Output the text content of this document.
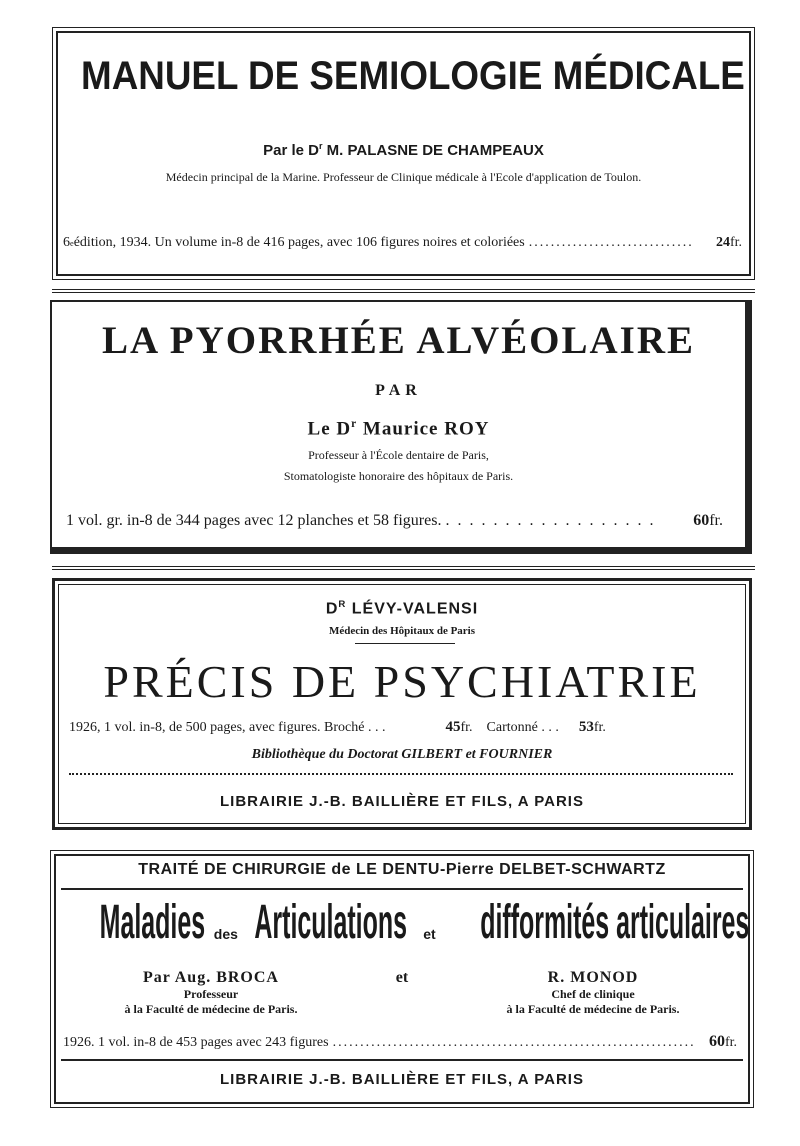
MANUEL DE SEMIOLOGIE MÉDICALE
Par le $D^r$ M. PALASNE DE CHAMPEAUX
Médecin principal de la Marine. Professeur de Clinique médicale à l'Ecole d'application de Toulon.
6 e édition, 1934. Un volume in-8 de 416 pages, avec 106 figures noires et coloriées ..............................	24 fr.
LA PYORRHÉE ALVÉOLAIRE
PAR
Le $D^r$ Maurice ROY
Professeur à l'École dentaire de Paris,
Stomatologiste honoraire des hôpitaux de Paris.
1 vol. gr. in-8 de 344 pages avec 12 planches et 58 figures. . . . . . . . . . . . . . . . . . .	60 fr.
$D^R$ LÉVY-VALENSI
Médecin des Hôpitaux de Paris
PRÉCIS DE PSYCHIATRIE
1926, 1 vol. in-8, de 500 pages, avec figures. Broché . . .	45 fr. Cartonné . . . 53 fr.
Bibliothèque du Doctorat GILBERT et FOURNIER
LIBRAIRIE J.-B. BAILLIÈRE ET FILS, A PARIS
TRAITÉ DE CHIRURGIE de LE DENTU-Pierre DELBET-SCHWARTZ
Maladies des Articulations et difformités articulaires
Par Aug. BROCA
Professeur
à la Faculté de médecine de Paris.
et	R. MONOD
Chef de clinique
à la Faculté de médecine de Paris.
1926. 1 vol. in-8 de 453 pages avec 243 figures .................................................................. 60 fr.
LIBRAIRIE J.-B. BAILLIÈRE ET FILS, A PARIS
